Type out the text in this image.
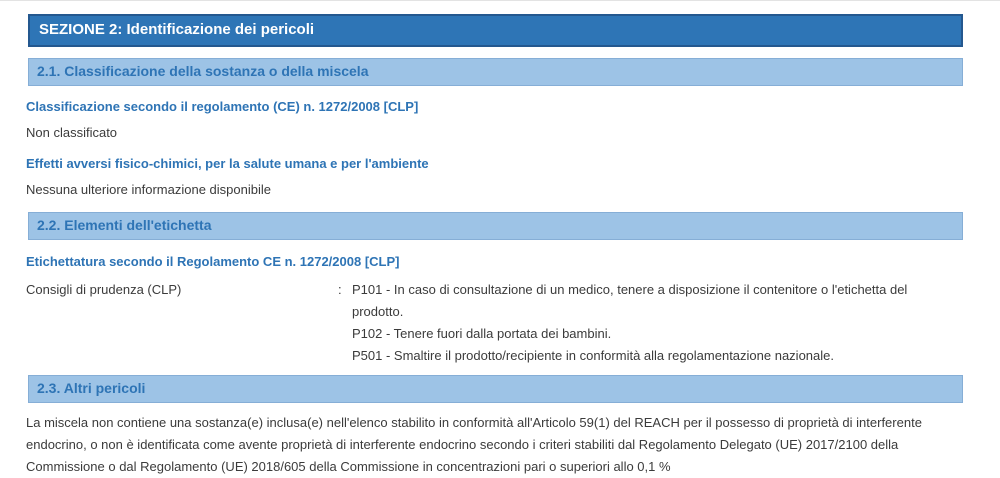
SEZIONE 2: Identificazione dei pericoli
2.1. Classificazione della sostanza o della miscela

Classificazione secondo il regolamento (CE) n. 1272/2008 [CLP]

Non classificato

Effetti avversi fisico-chimici, per la salute umana e per l'ambiente

Nessuna ulteriore informazione disponibile

2.2. Elementi dell'etichetta

Etichettatura secondo il Regolamento CE n. 1272/2008 [CLP]

Consigli di prudenza (CLP)	: P101 - In caso di consultazione di un medico, tenere a disposizione il contenitore o l'etichetta del prodotto.
P102 - Tenere fuori dalla portata dei bambini.
P501 - Smaltire il prodotto/recipiente in conformità alla regolamentazione nazionale.
2.3. Altri pericoli

La miscela non contiene una sostanza(e) inclusa(e) nell'elenco stabilito in conformità all'Articolo 59(1) del REACH per il possesso di proprietà di interferente endocrino, o non è identificata come avente proprietà di interferente endocrino secondo i criteri stabiliti dal Regolamento Delegato (UE) 2017/2100 della Commissione o dal Regolamento (UE) 2018/605 della Commissione in concentrazioni pari o superiori allo 0,1 %
